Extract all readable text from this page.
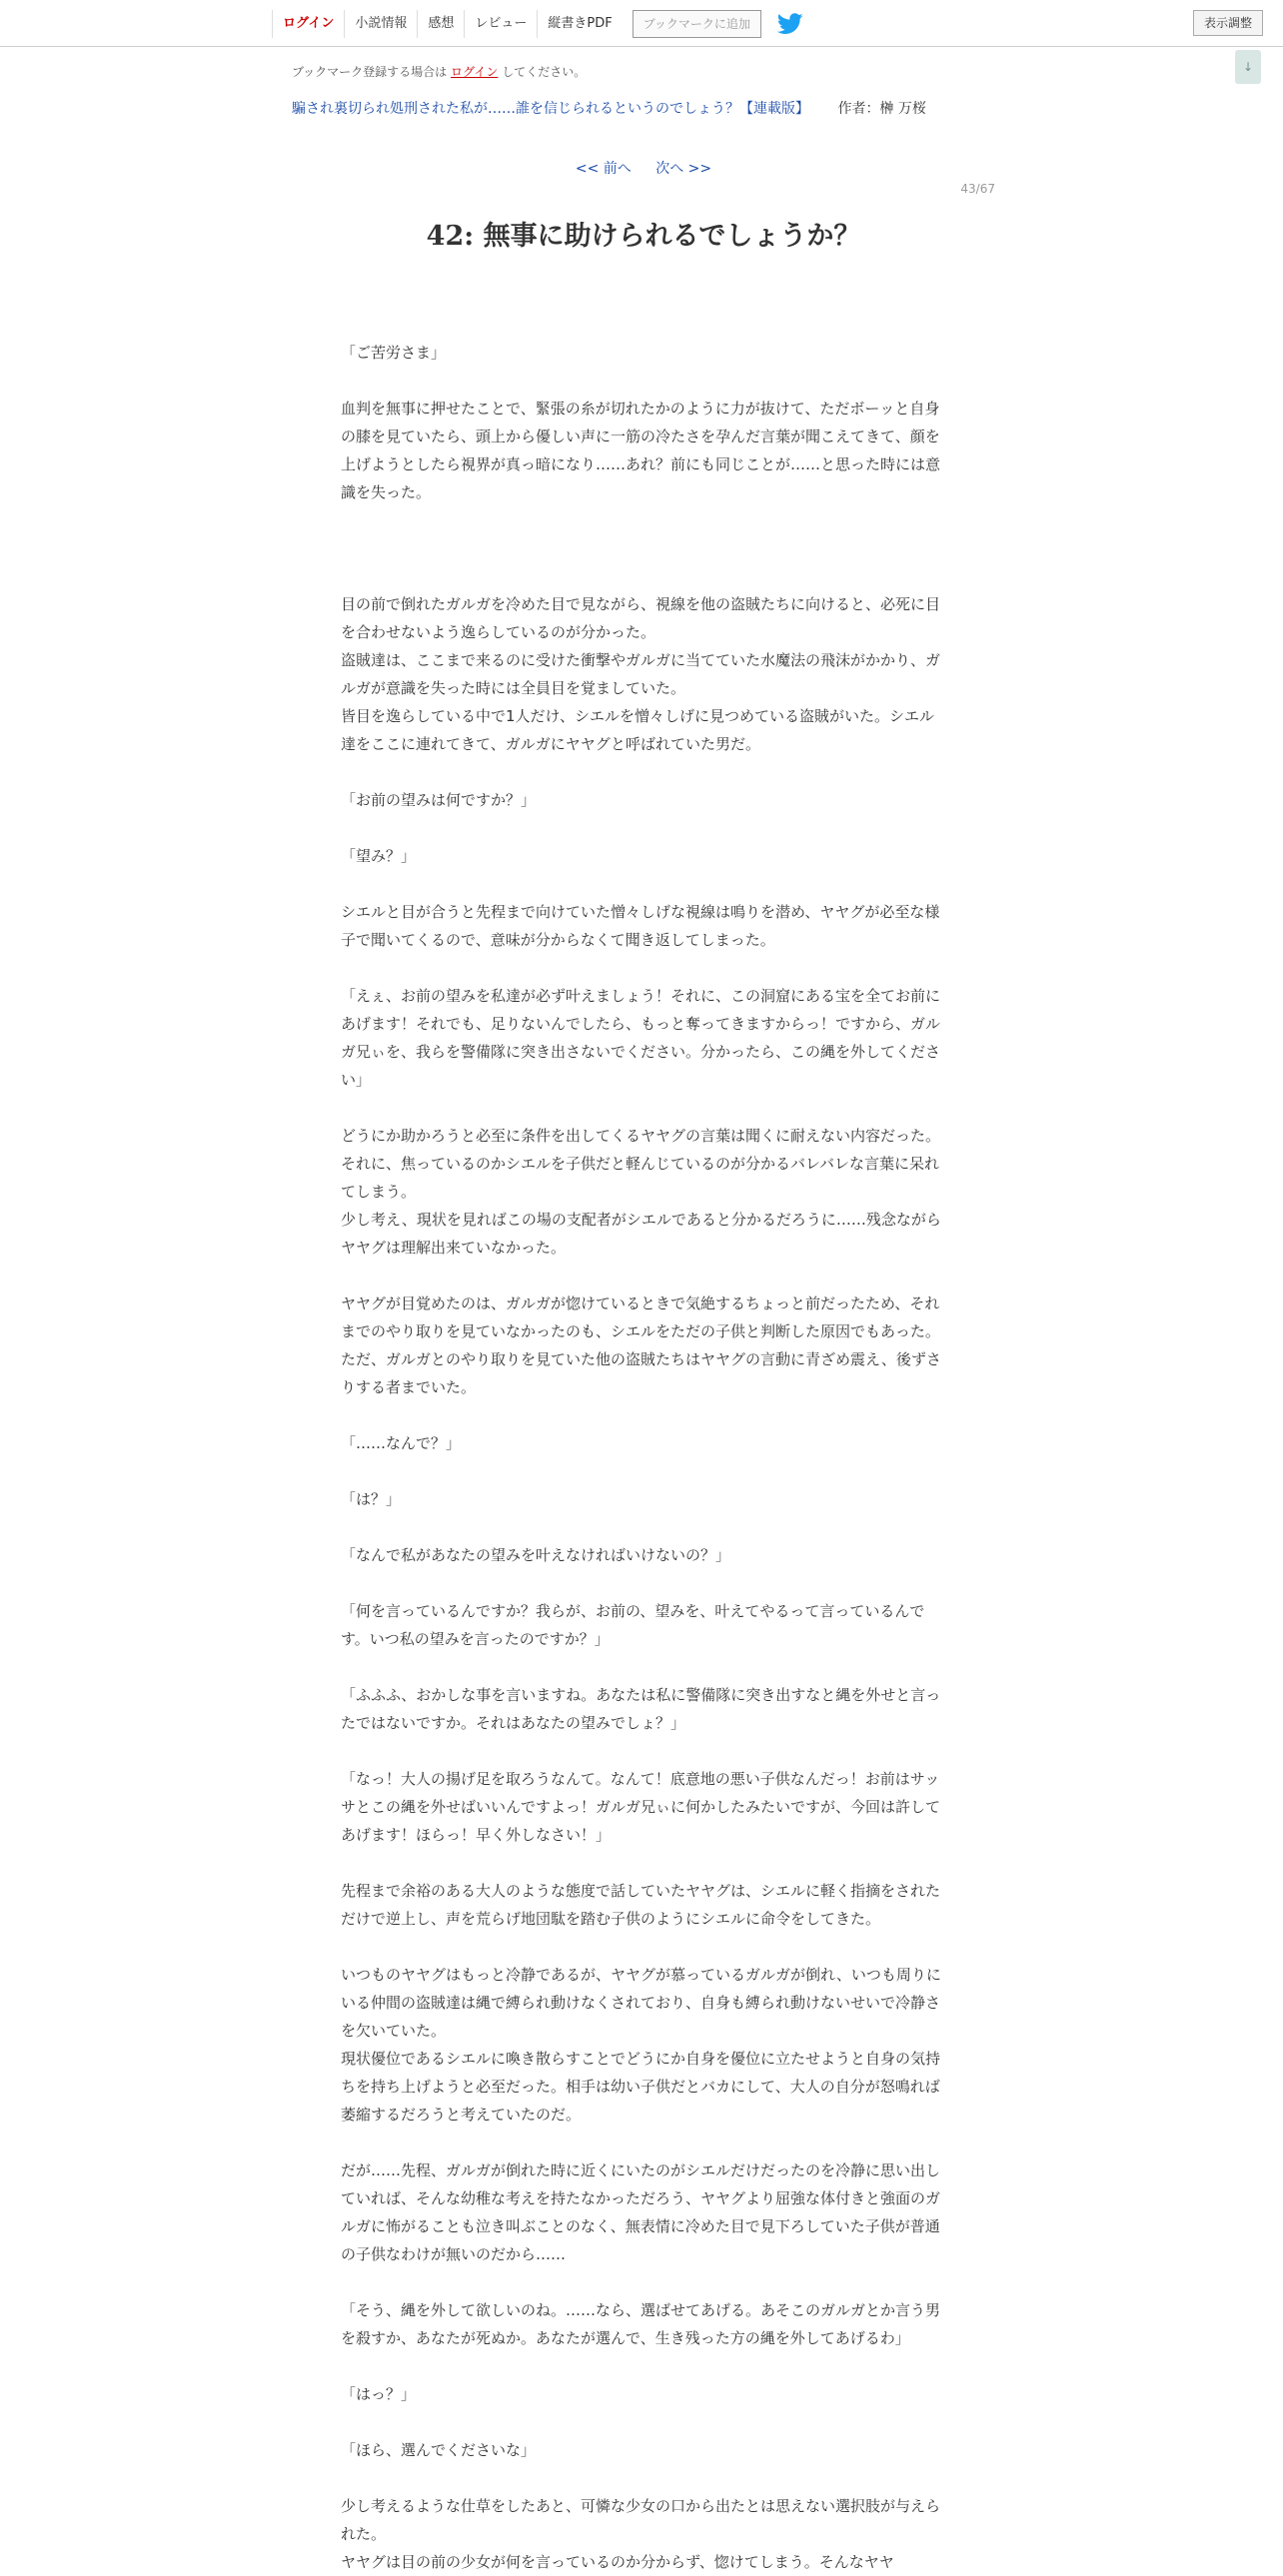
ログイン	小説情報	感想	レビュー	縦書きPDF	ブックマークに追加	表示調整
↓
ブックマーク登録する場合は ログイン してください。
騙され裏切られ処刑された私が……誰を信じられるというのでしょう？【連載版】 作者：榊 万桜
<< 前へ 次へ >>
43/67
42: 無事に助けられるでしょうか？

「ご苦労さま」

血判を無事に押せたことで、緊張の糸が切れたかのように力が抜けて、ただボーッと自身の膝を見ていたら、頭上から優しい声に一筋の冷たさを孕んだ言葉が聞こえてきて、顔を上げようとしたら視界が真っ暗になり……あれ？前にも同じことが……と思った時には意識を失った。

目の前で倒れたガルガを冷めた目で見ながら、視線を他の盗賊たちに向けると、必死に目を合わせないよう逸らしているのが分かった。

盗賊達は、ここまで来るのに受けた衝撃やガルガに当てていた水魔法の飛沫がかかり、ガルガが意識を失った時には全員目を覚ましていた。

皆目を逸らしている中で1人だけ、シエルを憎々しげに見つめている盗賊がいた。シエル達をここに連れてきて、ガルガにヤヤグと呼ばれていた男だ。

「お前の望みは何ですか？」

「望み？」

シエルと目が合うと先程まで向けていた憎々しげな視線は鳴りを潜め、ヤヤグが必至な様子で聞いてくるので、意味が分からなくて聞き返してしまった。

「えぇ、お前の望みを私達が必ず叶えましょう！それに、この洞窟にある宝を全てお前にあげます！それでも、足りないんでしたら、もっと奪ってきますからっ！ですから、ガルガ兄ぃを、我らを警備隊に突き出さないでください。分かったら、この縄を外してください」

どうにか助かろうと必至に条件を出してくるヤヤグの言葉は聞くに耐えない内容だった。それに、焦っているのかシエルを子供だと軽んじているのが分かるバレバレな言葉に呆れてしまう。

少し考え、現状を見ればこの場の支配者がシエルであると分かるだろうに……残念ながらヤヤグは理解出来ていなかった。

ヤヤグが目覚めたのは、ガルガが惚けているときで気絶するちょっと前だったため、それまでのやり取りを見ていなかったのも、シエルをただの子供と判断した原因でもあった。ただ、ガルガとのやり取りを見ていた他の盗賊たちはヤヤグの言動に青ざめ震え、後ずさりする者までいた。

「……なんで？」

「は？」

「なんで私があなたの望みを叶えなければいけないの？」

「何を言っているんですか？我らが、お前の、望みを、叶えてやるって言っているんです。いつ私の望みを言ったのですか？」

「ふふふ、おかしな事を言いますね。あなたは私に警備隊に突き出すなと縄を外せと言ったではないですか。それはあなたの望みでしょ？」

「なっ！大人の揚げ足を取ろうなんて。なんて！底意地の悪い子供なんだっ！お前はサッサとこの縄を外せばいいんですよっ！ガルガ兄ぃに何かしたみたいですが、今回は許してあげます！ほらっ！早く外しなさい！」

先程まで余裕のある大人のような態度で話していたヤヤグは、シエルに軽く指摘をされただけで逆上し、声を荒らげ地団駄を踏む子供のようにシエルに命令をしてきた。

いつものヤヤグはもっと冷静であるが、ヤヤグが慕っているガルガが倒れ、いつも周りにいる仲間の盗賊達は縄で縛られ動けなくされており、自身も縛られ動けないせいで冷静さを欠いていた。

現状優位であるシエルに喚き散らすことでどうにか自身を優位に立たせようと自身の気持ちを持ち上げようと必至だった。相手は幼い子供だとバカにして、大人の自分が怒鳴れば萎縮するだろうと考えていたのだ。

だが……先程、ガルガが倒れた時に近くにいたのがシエルだけだったのを冷静に思い出していれば、そんな幼稚な考えを持たなかっただろう、ヤヤグより屈強な体付きと強面のガルガに怖がることも泣き叫ぶことのなく、無表情に冷めた目で見下ろしていた子供が普通の子供なわけが無いのだから……

「そう、縄を外して欲しいのね。……なら、選ばせてあげる。あそこのガルガとか言う男を殺すか、あなたが死ぬか。あなたが選んで、生き残った方の縄を外してあげるわ」

「はっ？」

「ほら、選んでくださいな」

少し考えるような仕草をしたあと、可憐な少女の口から出たとは思えない選択肢が与えられた。

ヤヤグは目の前の少女が何を言っているのか分からず、惚けてしまう。そんなヤヤ
